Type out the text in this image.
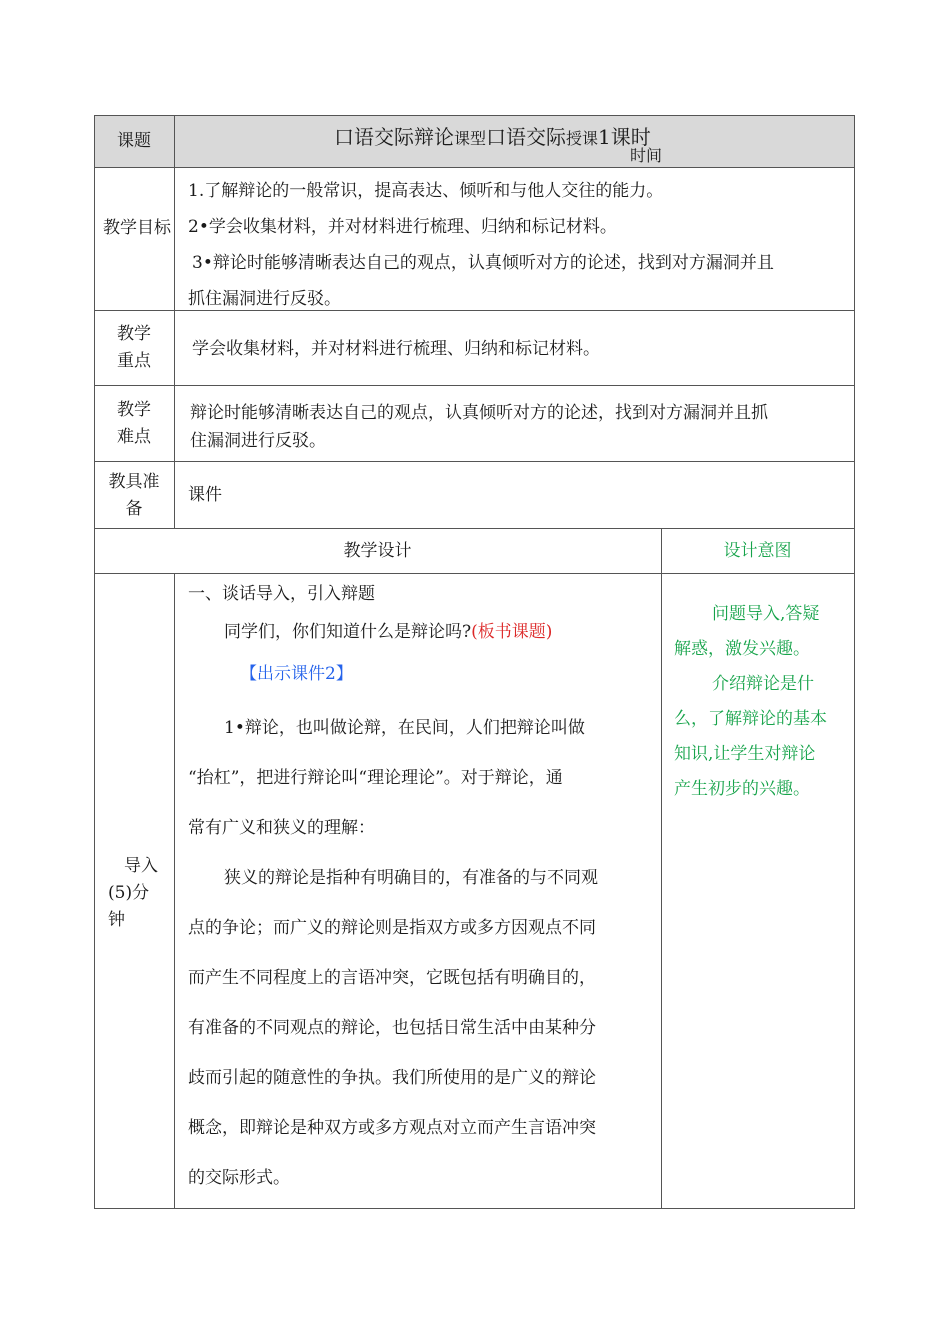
课题	口语交际辩论课型口语交际授课1课时
时间
教学目标
1.了解辩论的一般常识，提高表达、倾听和与他人交往的能力。
2•学会收集材料，并对材料进行梳理、归纳和标记材料。
3•辩论时能够清晰表达自己的观点，认真倾听对方的论述，找到对方漏洞并且
抓住漏洞进行反驳。
教学
重点
学会收集材料，并对材料进行梳理、归纳和标记材料。
教学
难点
辩论时能够清晰表达自己的观点，认真倾听对方的论述，找到对方漏洞并且抓
住漏洞进行反驳。
教具准
备
课件
教学设计	设计意图
导入
(5)分
钟
一、谈话导入，引入辩题
同学们，你们知道什么是辩论吗?(板书课题)
【出示课件2】
1•辩论，也叫做论辩，在民间，人们把辩论叫做
“抬杠”，把进行辩论叫“理论理论”。对于辩论，通
常有广义和狭义的理解：
狭义的辩论是指种有明确目的，有准备的与不同观
点的争论；而广义的辩论则是指双方或多方因观点不同
而产生不同程度上的言语冲突，它既包括有明确目的，
有准备的不同观点的辩论，也包括日常生活中由某种分
歧而引起的随意性的争执。我们所使用的是广义的辩论
概念，即辩论是种双方或多方观点对立而产生言语冲突
的交际形式。
问题导入,答疑
解惑，激发兴趣。
介绍辩论是什
么，了解辩论的基本
知识,让学生对辩论
产生初步的兴趣。
